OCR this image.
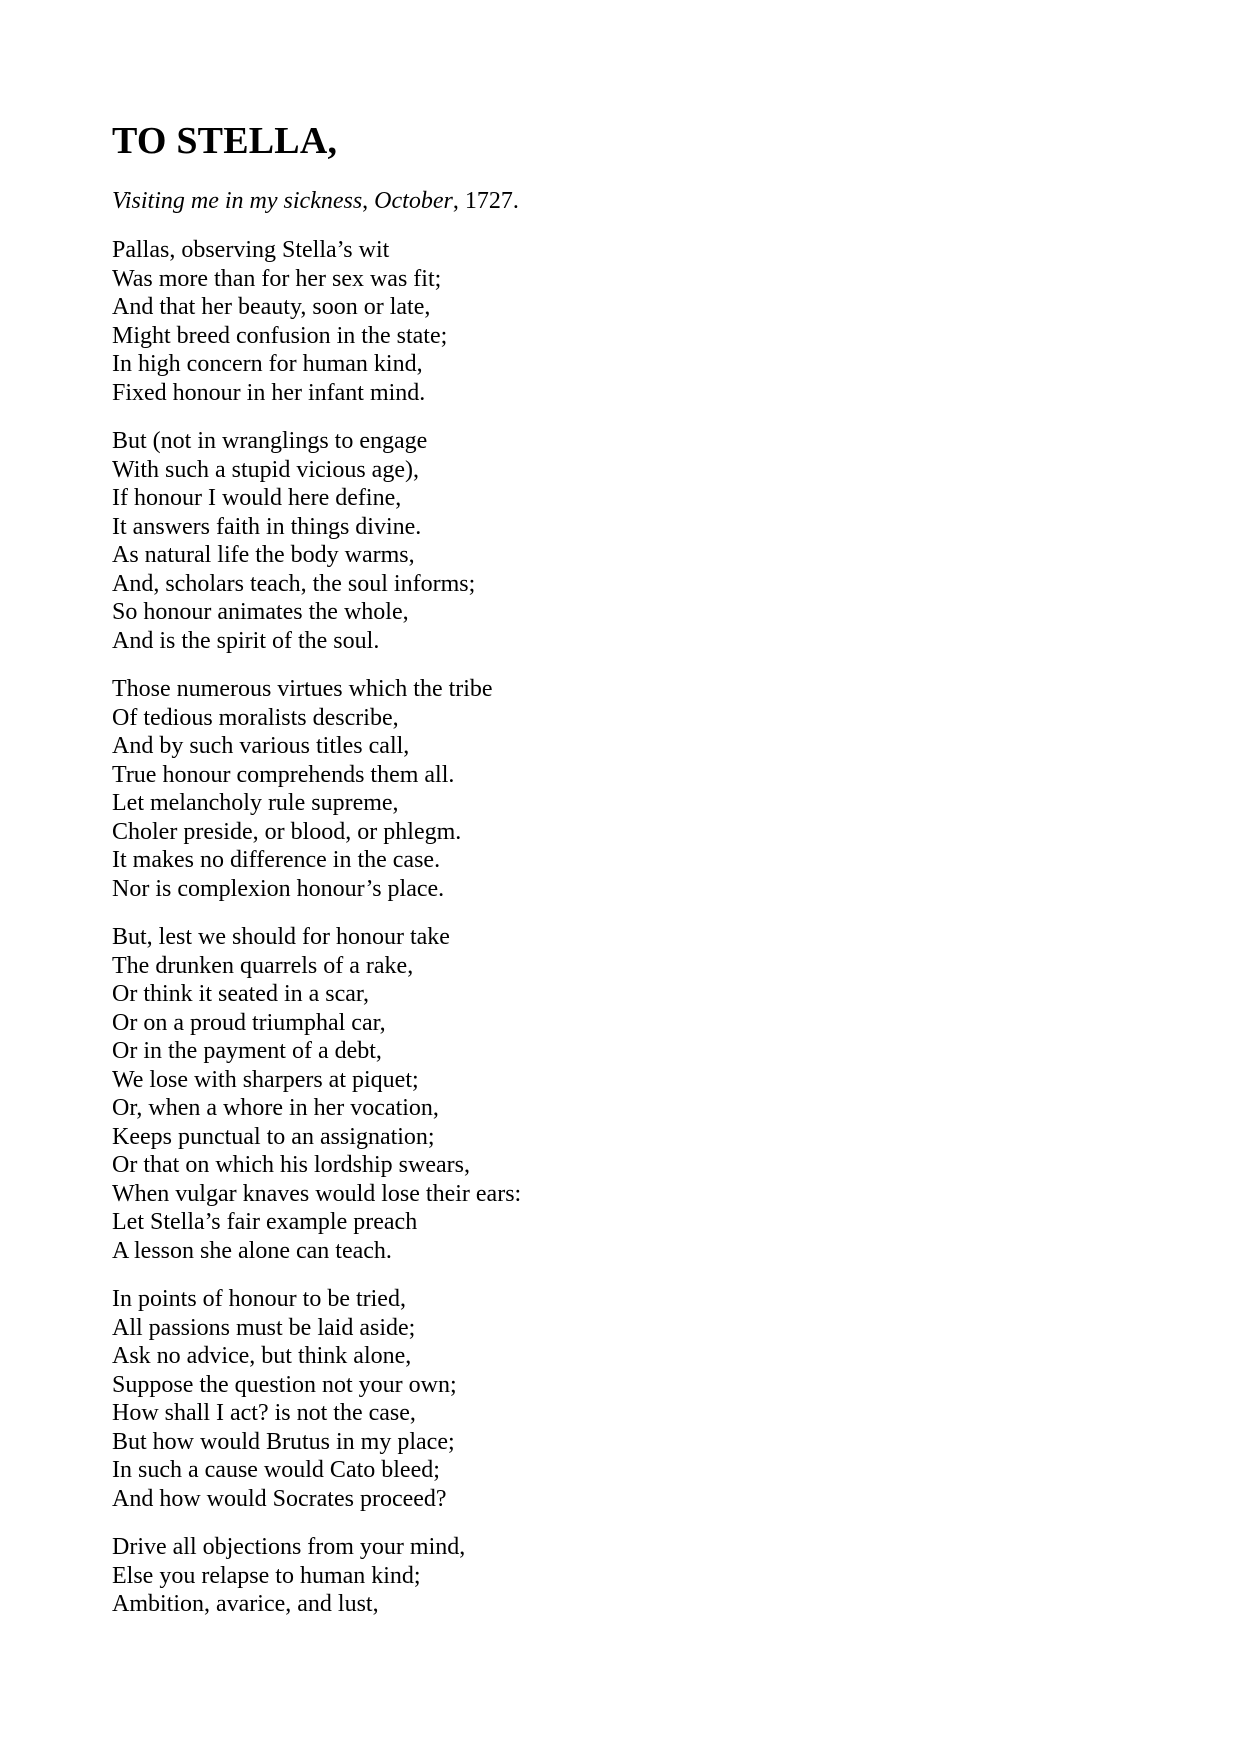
TO STELLA,

Visiting me in my sickness, October, 1727.

Pallas, observing Stella’s wit
Was more than for her sex was fit;
And that her beauty, soon or late,
Might breed confusion in the state;
In high concern for human kind,
Fixed honour in her infant mind.
But (not in wranglings to engage
With such a stupid vicious age),
If honour I would here define,
It answers faith in things divine.
As natural life the body warms,
And, scholars teach, the soul informs;
So honour animates the whole,
And is the spirit of the soul.
Those numerous virtues which the tribe
Of tedious moralists describe,
And by such various titles call,
True honour comprehends them all.
Let melancholy rule supreme,
Choler preside, or blood, or phlegm.
It makes no difference in the case.
Nor is complexion honour’s place.
But, lest we should for honour take
The drunken quarrels of a rake,
Or think it seated in a scar,
Or on a proud triumphal car,
Or in the payment of a debt,
We lose with sharpers at piquet;
Or, when a whore in her vocation,
Keeps punctual to an assignation;
Or that on which his lordship swears,
When vulgar knaves would lose their ears:
Let Stella’s fair example preach
A lesson she alone can teach.
In points of honour to be tried,
All passions must be laid aside;
Ask no advice, but think alone,
Suppose the question not your own;
How shall I act? is not the case,
But how would Brutus in my place;
In such a cause would Cato bleed;
And how would Socrates proceed?
Drive all objections from your mind,
Else you relapse to human kind;
Ambition, avarice, and lust,
